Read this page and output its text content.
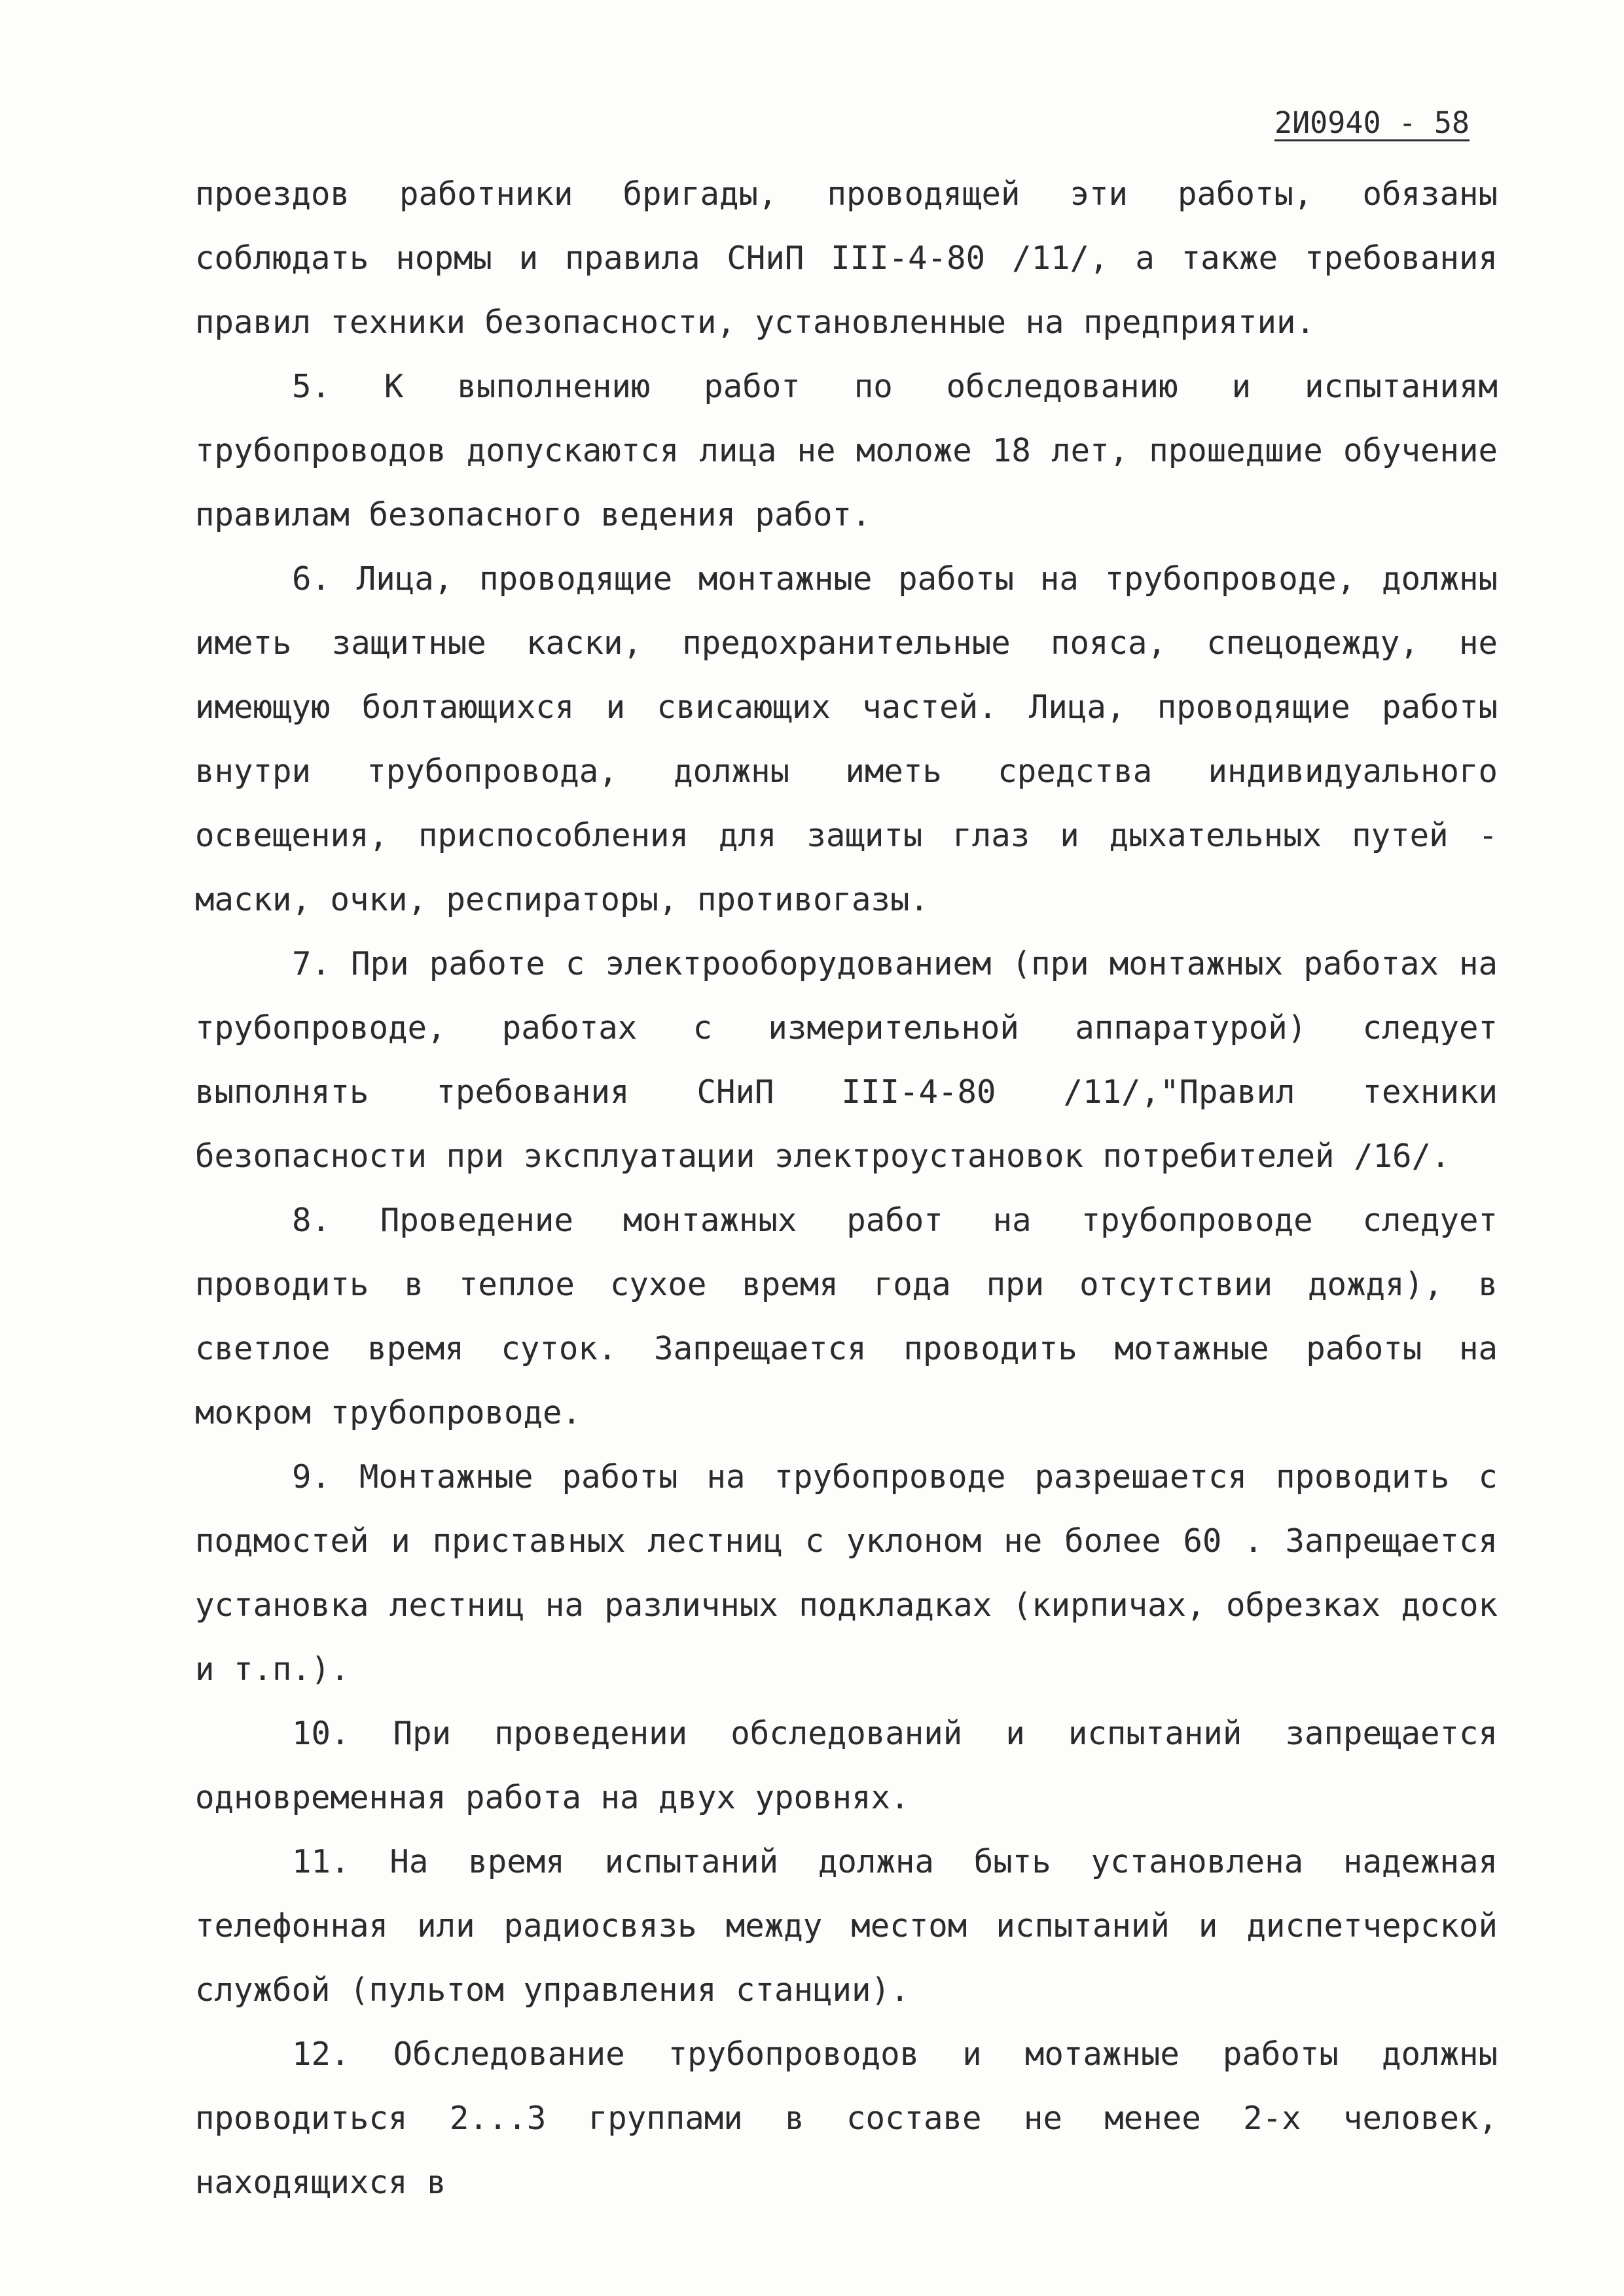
2И0940 - 58

проездов работники бригады, проводящей эти работы, обязаны соблюдать нормы и правила СНиП III-4-80 /11/, а также требования правил техники безопасности, установленные на предприятии.

5. К выполнению работ по обследованию и испытаниям трубопроводов допускаются лица не моложе 18 лет, прошедшие обучение правилам безопасного ведения работ.

6. Лица, проводящие монтажные работы на трубопроводе, должны иметь защитные каски, предохранительные пояса, спецодежду, не имеющую болтающихся и свисающих частей. Лица, проводящие работы внутри трубопровода, должны иметь средства индивидуального освещения, приспособления для защиты глаз и дыхательных путей - маски, очки, респираторы, противогазы.

7. При работе с электрооборудованием (при монтажных работах на трубопроводе, работах с измерительной аппаратурой) следует выполнять требования СНиП III-4-80 /11/,"Правил техники безопасности при эксплуатации электроустановок потребителей /16/.

8. Проведение монтажных работ на трубопроводе следует проводить в теплое сухое время года при отсутствии дождя), в светлое время суток. Запрещается проводить мотажные работы на мокром трубопроводе.

9. Монтажные работы на трубопроводе разрешается проводить с подмостей и приставных лестниц с уклоном не более 60 . Запрещается установка лестниц на различных подкладках (кирпичах, обрезках досок и т.п.).

10. При проведении обследований и испытаний запрещается одновременная работа на двух уровнях.

11. На время испытаний должна быть установлена надежная телефонная или радиосвязь между местом испытаний и диспетчерской службой (пультом управления станции).

12. Обследование трубопроводов и мотажные работы должны проводиться 2...3 группами в составе не менее 2-х человек, находящихся в
